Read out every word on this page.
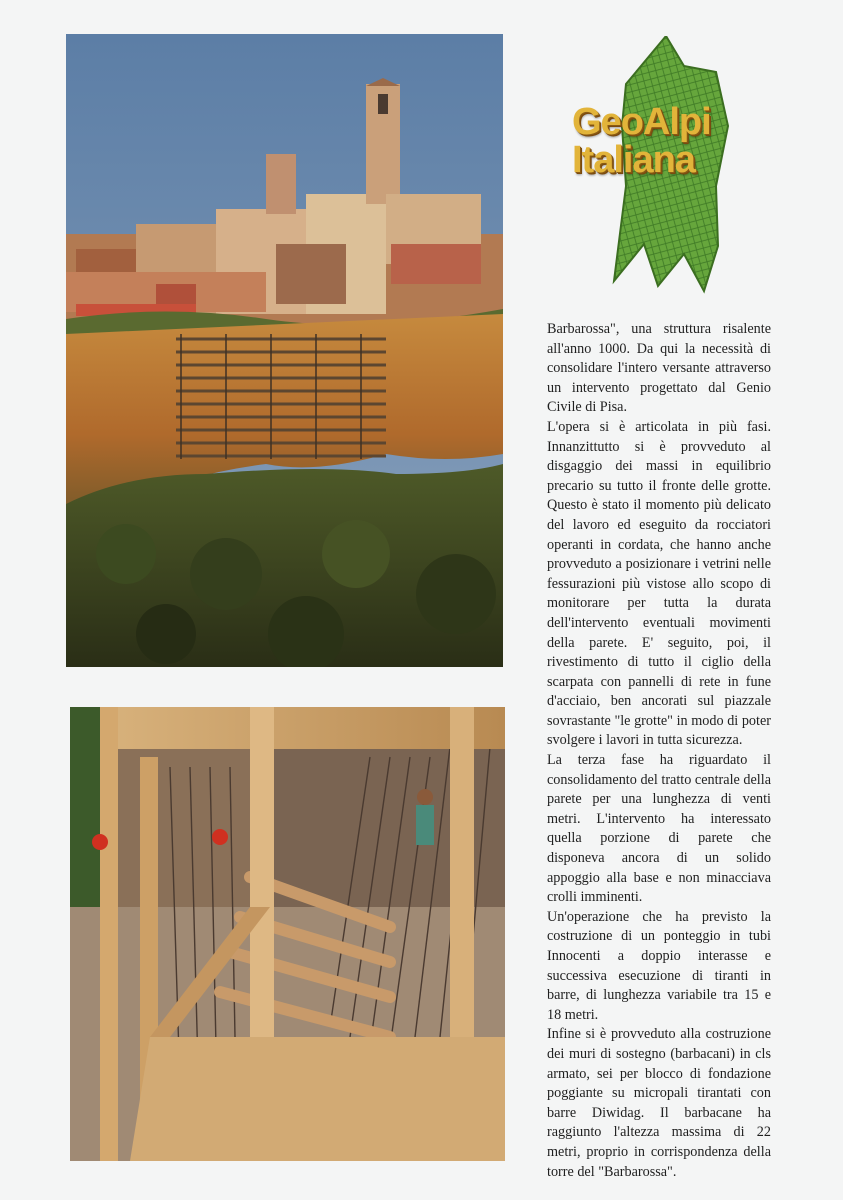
GeoAlpi
Italiana

Barbarossa", una struttura risalente all'anno 1000. Da qui la necessità di consolidare l'intero versante attraverso un intervento progettato dal Genio Civile di Pisa.

L'opera si è articolata in più fasi. Innanzittutto si è provveduto al disgaggio dei massi in equilibrio precario su tutto il fronte delle grotte. Questo è stato il momento più delicato del lavoro ed eseguito da rocciatori operanti in cordata, che hanno anche provveduto a posizionare i vetrini nelle fessurazioni più vistose allo scopo di monitorare per tutta la durata dell'intervento eventuali movimenti della parete. E' seguito, poi, il rivestimento di tutto il ciglio della scarpata con pannelli di rete in fune d'acciaio, ben ancorati sul piazzale sovrastante "le grotte" in modo di poter svolgere i lavori in tutta sicurezza.

La terza fase ha riguardato il consolidamento del tratto centrale della parete per una lunghezza di venti metri. L'intervento ha interessato quella porzione di parete che disponeva ancora di un solido appoggio alla base e non minacciava crolli imminenti.

Un'operazione che ha previsto la costruzione di un ponteggio in tubi Innocenti a doppio interasse e successiva esecuzione di tiranti in barre, di lunghezza variabile tra 15 e 18 metri.

Infine si è provveduto alla costruzione dei muri di sostegno (barbacani) in cls armato, sei per blocco di fondazione poggiante su micropali tirantati con barre Diwidag. Il barbacane ha raggiunto l'altezza massima di 22 metri, proprio in corrispondenza della torre del "Barbarossa".
